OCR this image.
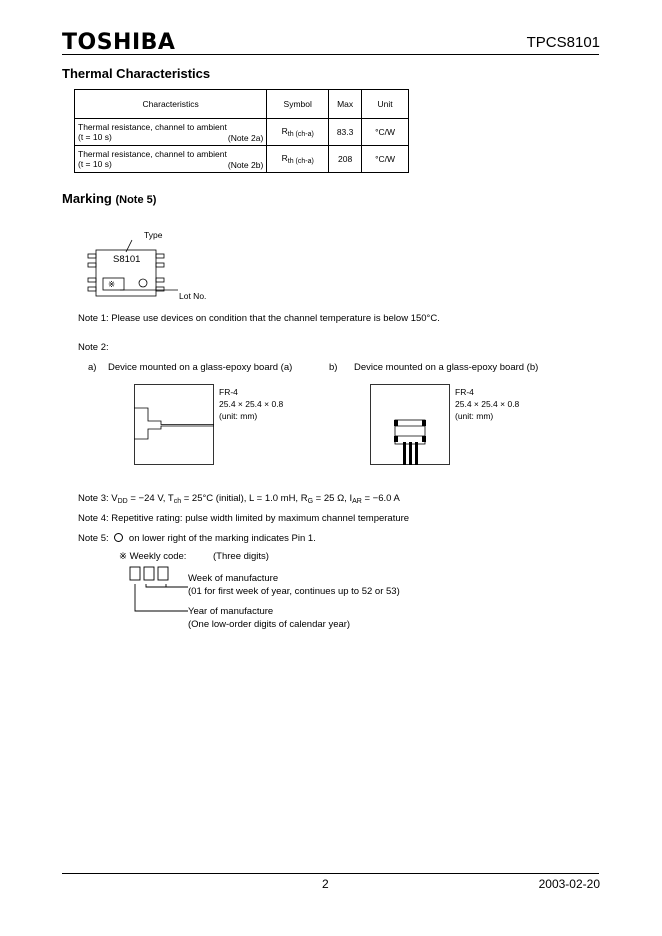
TOSHIBA	TPCS8101
Thermal Characteristics
Characteristics	Symbol	Max	Unit

Thermal resistance, channel to ambient
(t = 10 s) (Note 2a)	$R_{th (ch-a)}$	83.3	°C/W

Thermal resistance, channel to ambient
(t = 10 s) (Note 2b)	$R_{th (ch-a)}$	208	°C/W
Marking (Note 5)
Type
S8101
※
Lot No.
Note 1: Please use devices on condition that the channel temperature is below 150°C.
Note 2:
a) Device mounted on a glass-epoxy board (a)	b) Device mounted on a glass-epoxy board (b)
FR-4
25.4 × 25.4 × 0.8
(unit: mm)
FR-4
25.4 × 25.4 × 0.8
(unit: mm)
Note 3: $V_{DD} = -24$ V, $T_{ch} = 25^\circ C$ (initial), L = 1.0 mH, $R_G = 25$ Ω, $I_{AR} = -6.0$ A
Note 4: Repetitive rating: pulse width limited by maximum channel temperature
Note 5: on lower right of the marking indicates Pin 1.
※ Weekly code:	(Three digits)
Week of manufacture
(01 for first week of year, continues up to 52 or 53)
Year of manufacture
(One low-order digits of calendar year)
2	2003-02-20
